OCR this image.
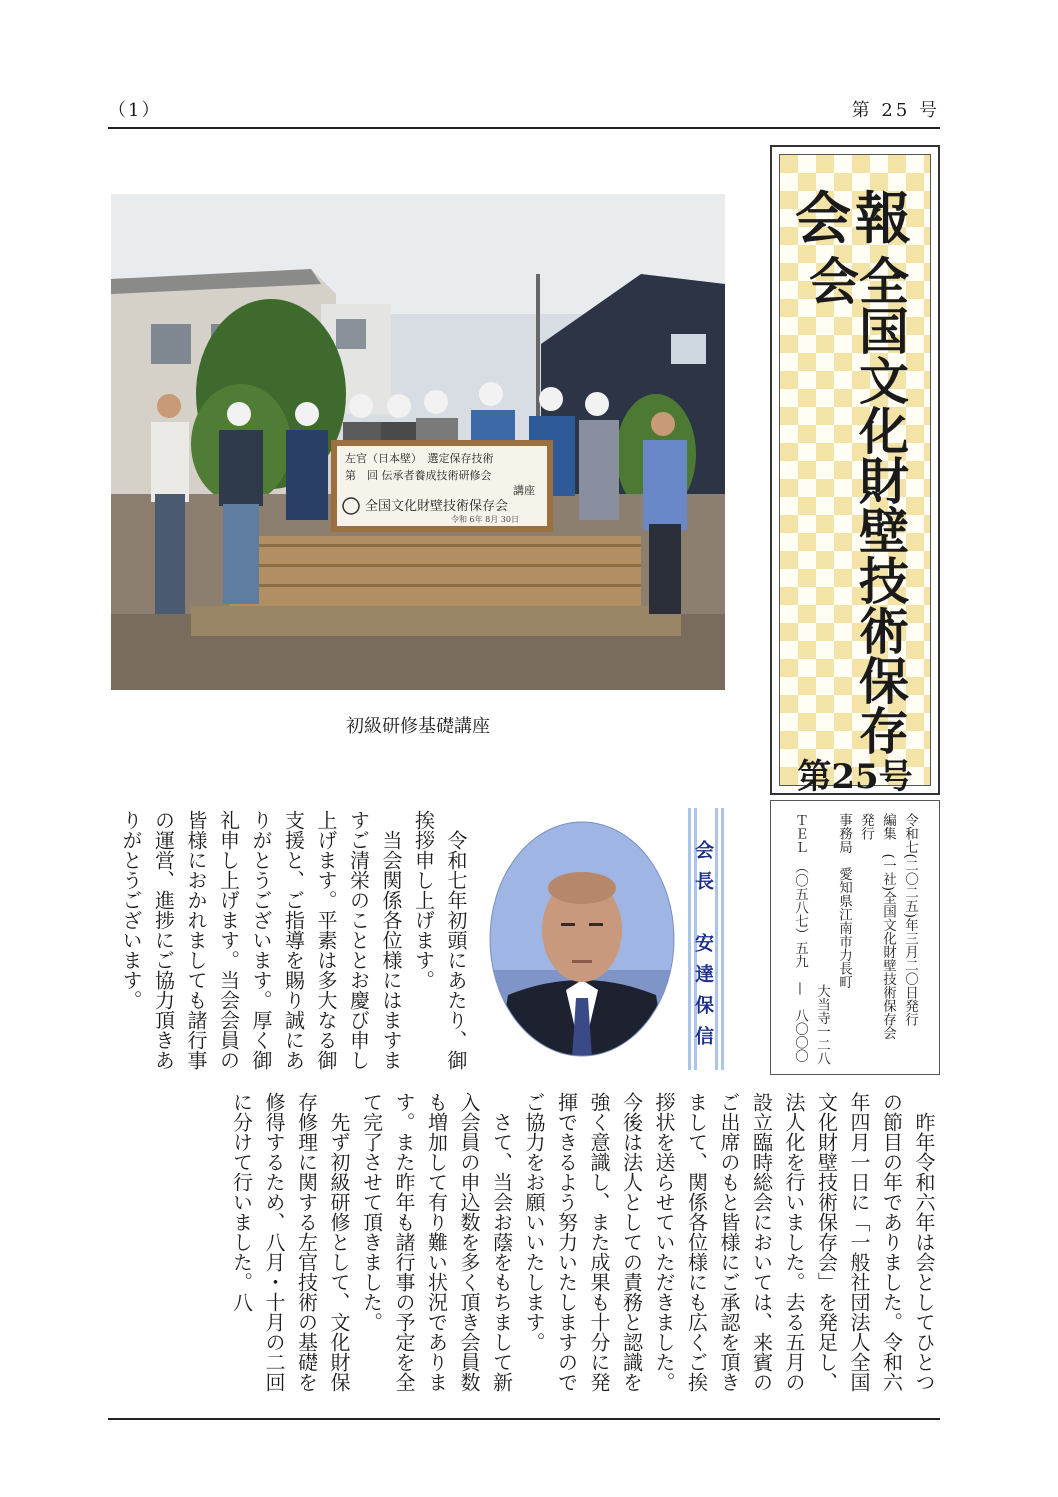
（1）	第 25 号
左官（日本壁）　選定保存技術
第　回 伝承者養成技術研修会
講座
全国文化財壁技術保存会
令和 6年 8月 30日
初級研修基礎講座
会報
全国文化財壁技術保存会
第25号
令和七(二〇二五)年三月二〇日発行
編集　(一社)全国文化財壁技術保存会
発行
事務局　愛知県江南市力長町
大当寺一二八
ＴＥＬ　（〇五八七）五九　—　八〇〇〇
会長　安達保信

令和七年初頭にあたり、御挨拶申し上げます。

当会関係各位様にはますますご清栄のこととお慶び申し上げます。平素は多大なる御支援と、ご指導を賜り誠にありがとうございます。厚く御礼申し上げます。当会会員の皆様におかれましても諸行事の運営、進捗にご協力頂きありがとうございます。

昨年令和六年は会としてひとつの節目の年でありました。令和六年四月一日に「一般社団法人全国文化財壁技術保存会」を発足し、法人化を行いました。去る五月の設立臨時総会においては、来賓のご出席のもと皆様にご承認を頂きまして、関係各位様にも広くご挨拶状を送らせていただきました。今後は法人としての責務と認識を強く意識し、また成果も十分に発揮できるよう努力いたしますのでご協力をお願いいたします。

さて、当会お蔭をもちまして新入会員の申込数を多く頂き会員数も増加して有り難い状況であります。また昨年も諸行事の予定を全て完了させて頂きました。

先ず初級研修として、文化財保存修理に関する左官技術の基礎を修得するため、八月・十月の二回に分けて行いました。八
